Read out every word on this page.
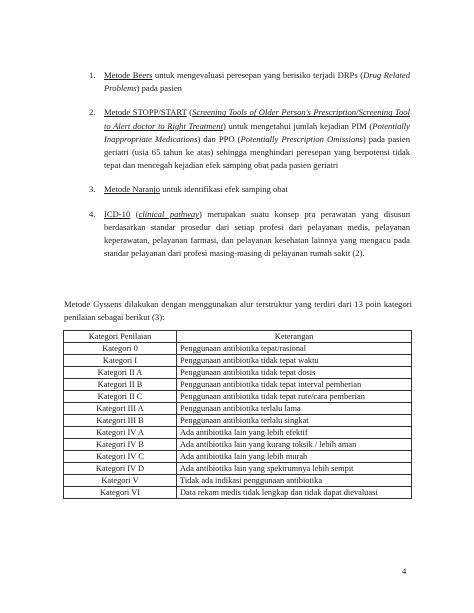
1. Metode Beers untuk mengevaluasi peresepan yang berisiko terjadi DRPs (Drug Related Problems) pada pasien
2. Metode STOPP/START (Screening Tools of Older Person's Prescription/Screening Tool to Alert doctor to Right Treatment) untuk mengetahui jumlah kejadian PIM (Potentially Inappropriate Medications) dan PPO (Potentially Prescription Omissions) pada pasien geriatri (usia 65 tahun ke atas) sehingga menghindari peresepan yang berpotensi tidak tepat dan mencegah kejadian efek samping obat pada pasien geriatri
3. Metode Naranjo untuk identifikasi efek samping obat
4. ICD-10 (clinical pathway) merupakan suatu konsep pra perawatan yang disusun berdasarkan standar prosedur dari setiap profesi dari pelayanan medis, pelayanan keperawatan, pelayanan farmasi, dan pelayanan kesehatan lainnya yang mengacu pada standar pelayanan dari profesi masing-masing di pelayanan rumah sakit (2).

Metode Gyssens dilakukan dengan menggunakan alur terstruktur yang terdiri dari 13 poin kategori penilaian sebagai berikut (3):

Kategori Penilaian	Keterangan
Kategori 0	Penggunaan antibiotika tepat/rasional
Kategori I	Penggunaan antibiotika tidak tepat waktu
Kategori II A	Penggunaan antibiotika tidak tepat dosis
Kategori II B	Penggunaan antibiotika tidak tepat interval pemberian
Kategori II C	Penggunaan antibiotika tidak tepat rute/cara pemberian
Kategori III A	Penggunaan antibiotika terlalu lama
Kategori III B	Penggunaan antibiotika terlalu singkat
Kategori IV A	Ada antibiotika lain yang lebih efektif
Kategori IV B	Ada antibiotika lain yang kurang toksik / lebih aman
Kategori IV C	Ada antibiotika lain yang lebih murah
Kategori IV D	Ada antibiotika lain yang spektrumnya lebih sempit
Kategori V	Tidak ada indikasi penggunaan antibiotika
Kategori VI	Data rekam medis tidak lengkap dan tidak dapat dievaluasi
4
